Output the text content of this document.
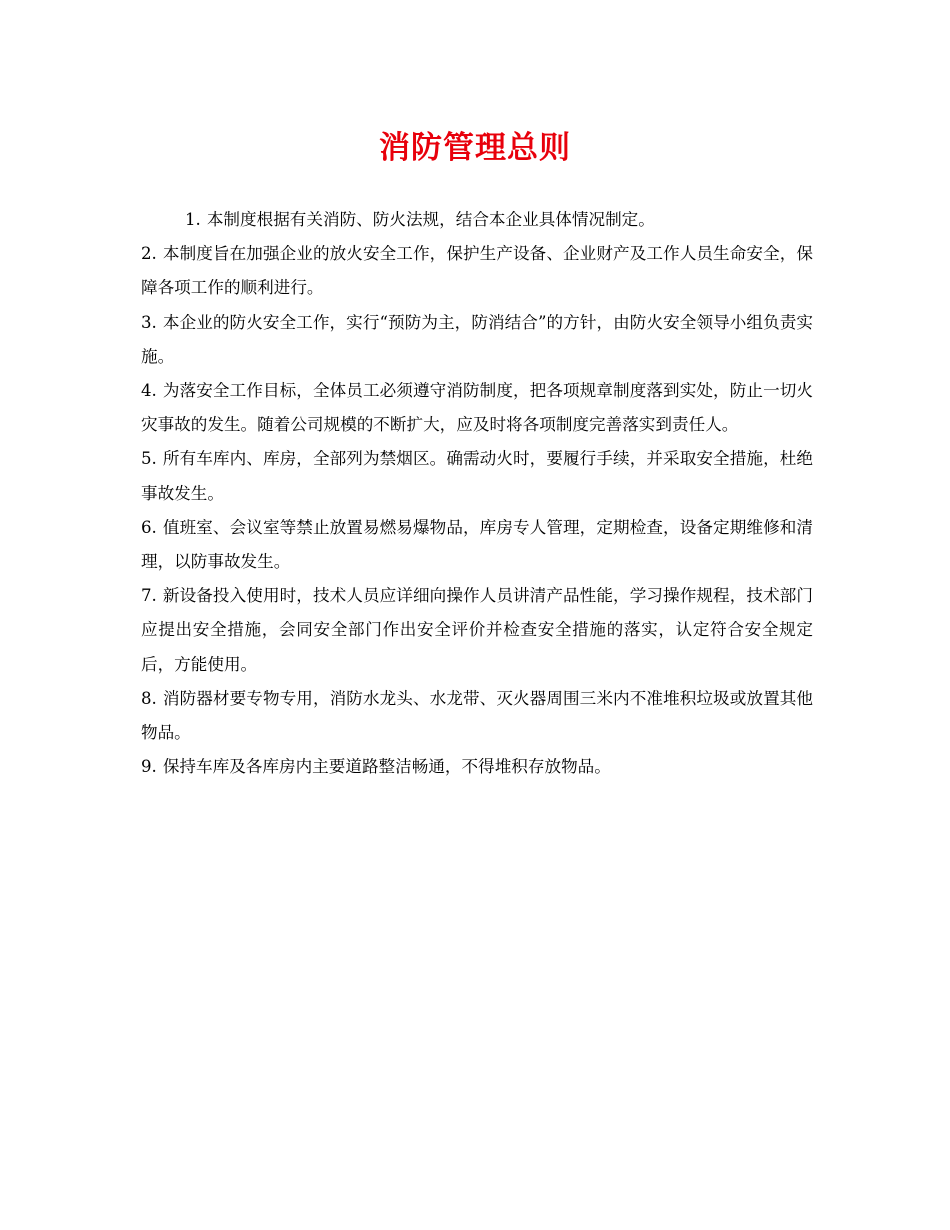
消防管理总则

1. 本制度根据有关消防、防火法规，结合本企业具体情况制定。

2. 本制度旨在加强企业的放火安全工作，保护生产设备、企业财产及工作人员生命安全，保障各项工作的顺利进行。

3. 本企业的防火安全工作，实行“预防为主，防消结合”的方针，由防火安全领导小组负责实施。

4. 为落安全工作目标，全体员工必须遵守消防制度，把各项规章制度落到实处，防止一切火灾事故的发生。随着公司规模的不断扩大，应及时将各项制度完善落实到责任人。

5. 所有车库内、库房，全部列为禁烟区。确需动火时，要履行手续，并采取安全措施，杜绝事故发生。

6. 值班室、会议室等禁止放置易燃易爆物品，库房专人管理，定期检查，设备定期维修和清理，以防事故发生。

7. 新设备投入使用时，技术人员应详细向操作人员讲清产品性能，学习操作规程，技术部门应提出安全措施，会同安全部门作出安全评价并检查安全措施的落实，认定符合安全规定后，方能使用。

8. 消防器材要专物专用，消防水龙头、水龙带、灭火器周围三米内不准堆积垃圾或放置其他物品。

9. 保持车库及各库房内主要道路整洁畅通，不得堆积存放物品。
